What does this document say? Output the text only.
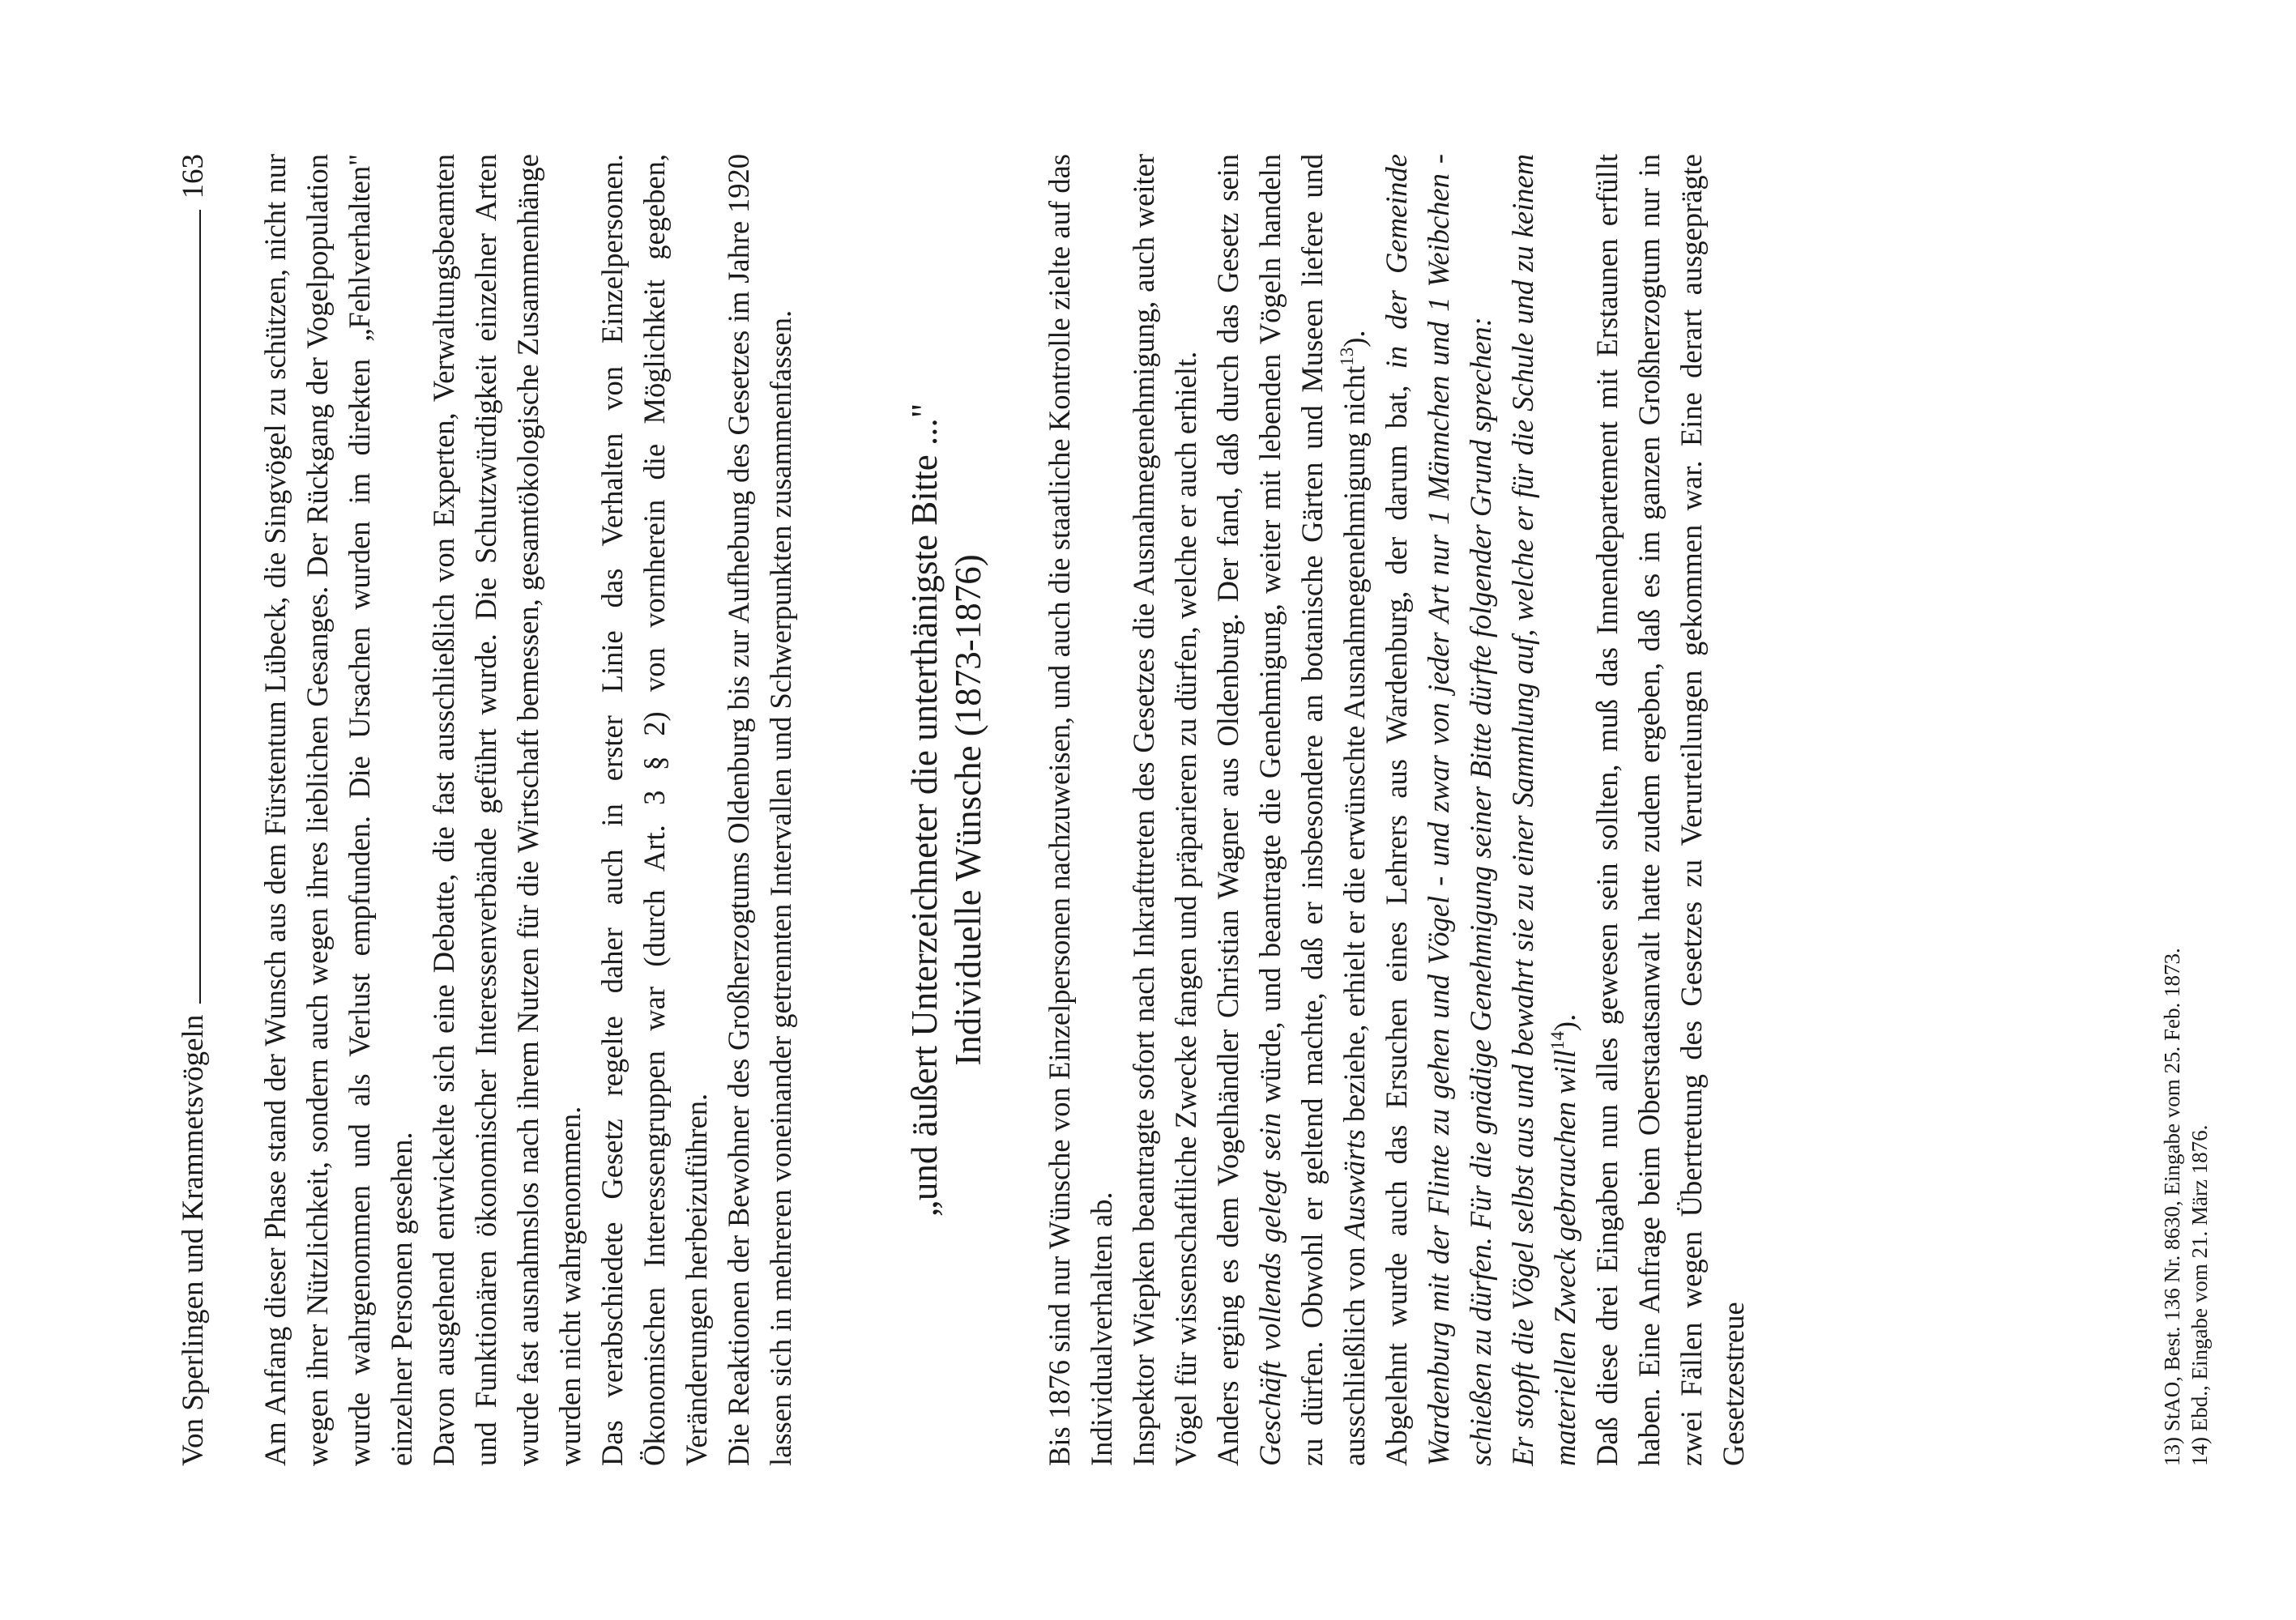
Von Sperlingen und Krammetsvögeln
163 Am Anfang dieser Phase stand der Wunsch aus dem Fürstentum Lübeck, die Singvögel zu schützen, nicht nur wegen ihrer Nützlichkeit, sondern auch wegen ihres lieblichen Gesanges. Der Rückgang der Vogelpopulation wurde wahrgenommen und als Verlust empfunden. Die Ursachen wurden im direkten „Fehlverhalten" einzelner Personen gesehen. Davon ausgehend entwickelte sich eine Debatte, die fast ausschließlich von Experten, Verwaltungsbeamten und Funktionären ökonomischer Interessenverbände geführt wurde. Die Schutzwürdigkeit einzelner Arten wurde fast ausnahmslos nach ihrem Nutzen für die Wirtschaft bemessen, gesamtökologische Zusammenhänge wurden nicht wahrgenommen. Das verabschiedete Gesetz regelte daher auch in erster Linie das Verhalten von Einzelpersonen. Ökonomischen Interessengruppen war (durch Art. 3 § 2) von vornherein die Möglichkeit gegeben, Veränderungen herbeizuführen. Die Reaktionen der Bewohner des Großherzogtums Oldenburg bis zur Aufhebung des Gesetzes im Jahre 1920 lassen sich in mehreren voneinander getrennten Intervallen und Schwerpunkten zusammenfassen.	„und äußert Unterzeichneter die unterthänigste Bitte ..." Individuelle Wünsche (1873-1876) Bis 1876 sind nur Wünsche von Einzelpersonen nachzuweisen, und auch die staatliche Kontrolle zielte auf das Individualverhalten ab. Inspektor Wiepken beantragte sofort nach Inkrafttreten des Gesetzes die Ausnahmegenehmigung, auch weiter Vögel für wissenschaftliche Zwecke fangen und präparieren zu dürfen, welche er auch erhielt. Anders erging es dem Vogelhändler Christian Wagner aus Oldenburg. Der fand, daß durch das Gesetz sein Geschäft vollends gelegt sein würde, und beantragte die Genehmigung, weiter mit lebenden Vögeln handeln zu dürfen. Obwohl er geltend machte, daß er insbesondere an botanische Gärten und Museen liefere und ausschließlich von Auswärts beziehe, erhielt er die erwünschte Ausnahmegenehmigung nicht$^{13}$).

Abgelehnt wurde auch das Ersuchen eines Lehrers aus Wardenburg, der darum bat, in der Gemeinde Wardenburg mit der Flinte zu gehen und Vögel - und zwar von jeder Art nur 1 Männchen und 1 Weibchen - schießen zu dürfen. Für die gnädige Genehmigung seiner Bitte dürfte folgender Grund sprechen: Er stopft die Vögel selbst aus und bewahrt sie zu einer Sammlung auf, welche er für die Schule und zu keinem materiellen Zweck gebrauchen will$^{14}$). Daß diese drei Eingaben nun alles gewesen sein sollten, muß das Innendepartement mit Erstaunen erfüllt haben. Eine Anfrage beim Oberstaatsanwalt hatte zudem ergeben, daß es im ganzen Großherzogtum nur in zwei Fällen wegen Übertretung des Gesetzes zu Verurteilungen gekommen war. Eine derart ausgeprägte Gesetzestreue	13) StAO, Best. 136 Nr. 8630, Eingabe vom 25. Feb. 1873. 14) Ebd., Eingabe vom 21. März 1876.
